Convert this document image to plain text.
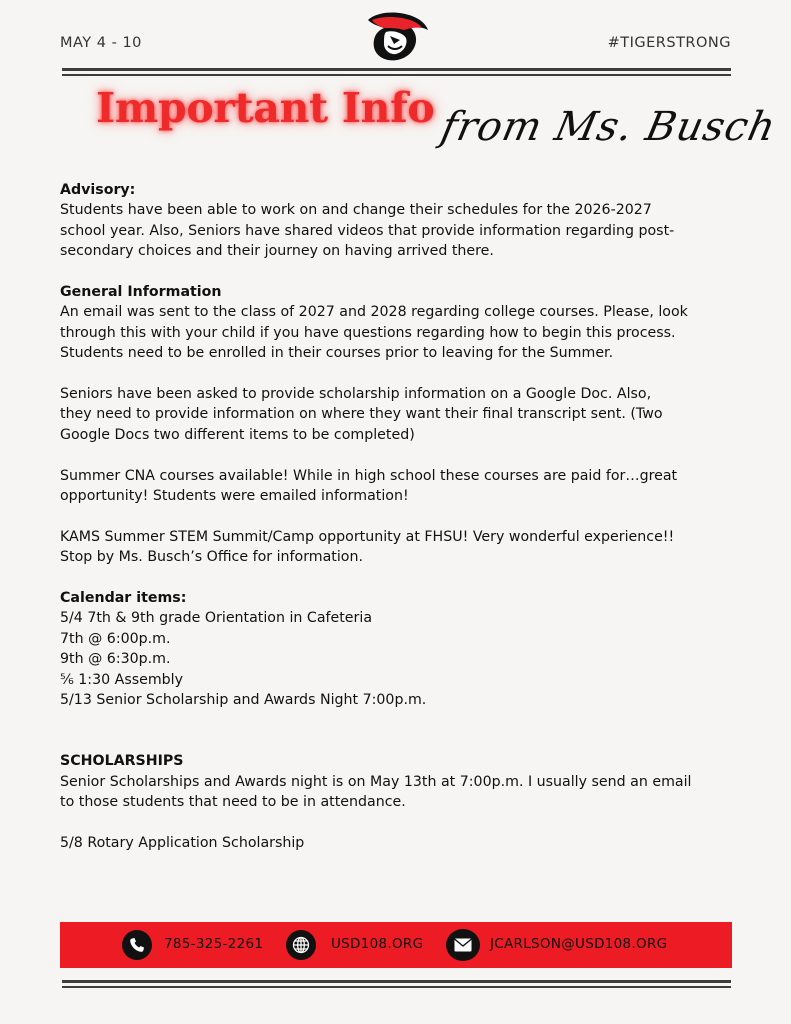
MAY 4 - 10	#TIGERSTRONG
Important Info from Ms. Busch

Advisory:

Students have been able to work on and change their schedules for the 2026-2027

school year. Also, Seniors have shared videos that provide information regarding post-

secondary choices and their journey on having arrived there.

General Information

An email was sent to the class of 2027 and 2028 regarding college courses. Please, look

through this with your child if you have questions regarding how to begin this process.

Students need to be enrolled in their courses prior to leaving for the Summer.

Seniors have been asked to provide scholarship information on a Google Doc. Also,

they need to provide information on where they want their final transcript sent. (Two

Google Docs two different items to be completed)

Summer CNA courses available! While in high school these courses are paid for…great

opportunity! Students were emailed information!

KAMS Summer STEM Summit/Camp opportunity at FHSU! Very wonderful experience!!

Stop by Ms. Busch’s Office for information.

Calendar items:

5/4 7th & 9th grade Orientation in Cafeteria

7th @ 6:00p.m.

9th @ 6:30p.m.

⅚ 1:30 Assembly

5/13 Senior Scholarship and Awards Night 7:00p.m.

SCHOLARSHIPS

Senior Scholarships and Awards night is on May 13th at 7:00p.m. I usually send an email

to those students that need to be in attendance.

5/8 Rotary Application Scholarship

785-325-2261	USD108.ORG	JCARLSON@USD108.ORG
